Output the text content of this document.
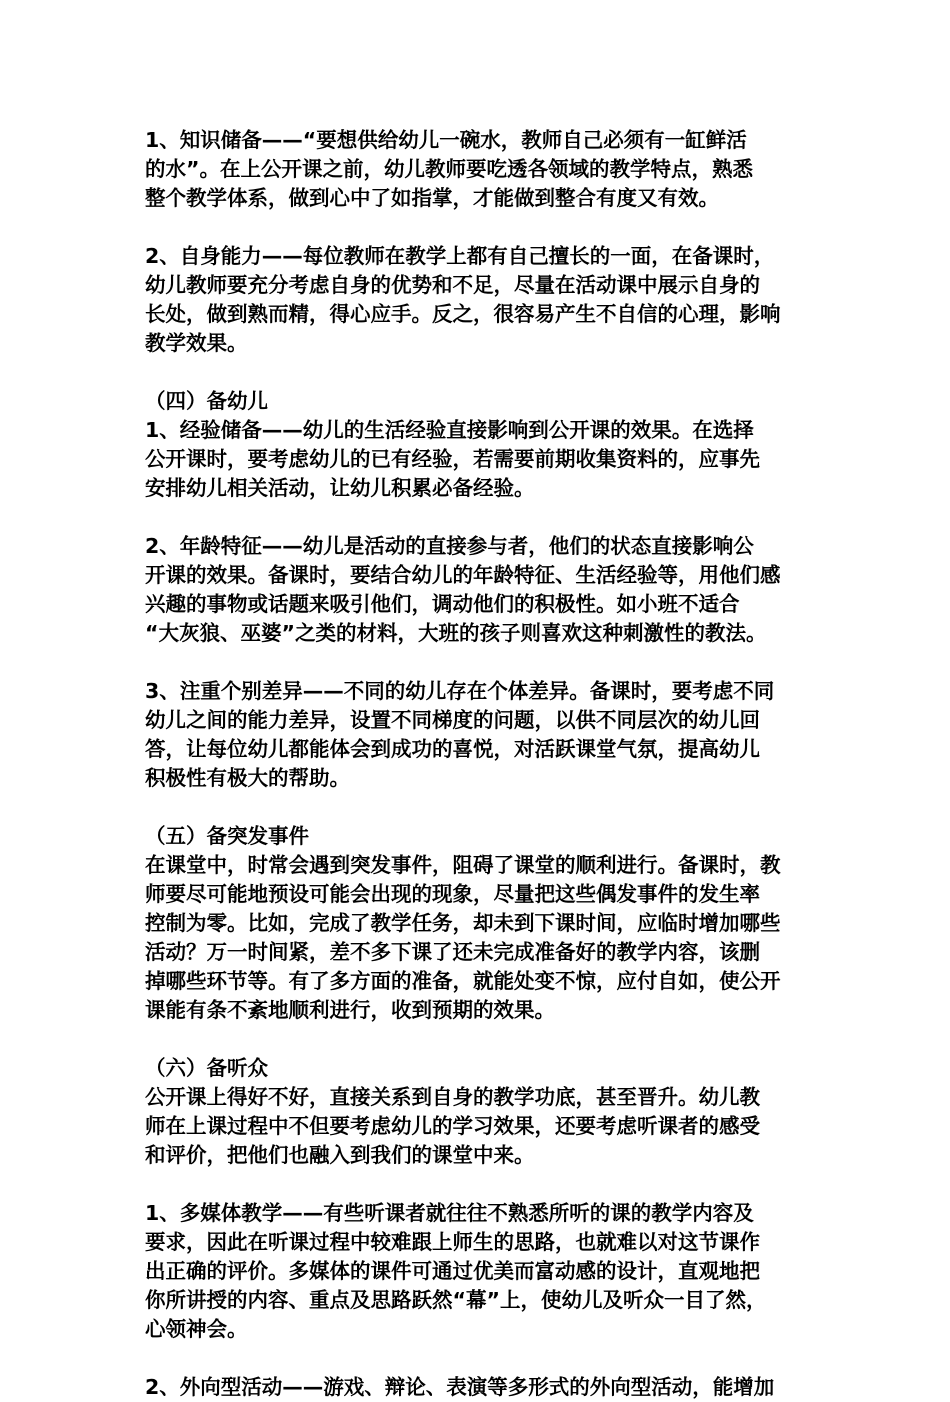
1、知识储备——“要想供给幼儿一碗水，教师自己必须有一缸鲜活
的水”。在上公开课之前，幼儿教师要吃透各领域的教学特点，熟悉
整个教学体系，做到心中了如指掌，才能做到整合有度又有效。
2、自身能力——每位教师在教学上都有自己擅长的一面，在备课时，
幼儿教师要充分考虑自身的优势和不足，尽量在活动课中展示自身的
长处，做到熟而精，得心应手。反之，很容易产生不自信的心理，影响
教学效果。
（四）备幼儿
1、经验储备——幼儿的生活经验直接影响到公开课的效果。在选择
公开课时，要考虑幼儿的已有经验，若需要前期收集资料的，应事先
安排幼儿相关活动，让幼儿积累必备经验。
2、年龄特征——幼儿是活动的直接参与者，他们的状态直接影响公
开课的效果。备课时，要结合幼儿的年龄特征、生活经验等，用他们感
兴趣的事物或话题来吸引他们，调动他们的积极性。如小班不适合
“大灰狼、巫婆”之类的材料，大班的孩子则喜欢这种刺激性的教法。
3、注重个别差异——不同的幼儿存在个体差异。备课时，要考虑不同
幼儿之间的能力差异，设置不同梯度的问题，以供不同层次的幼儿回
答，让每位幼儿都能体会到成功的喜悦，对活跃课堂气氛，提高幼儿
积极性有极大的帮助。
（五）备突发事件
在课堂中，时常会遇到突发事件，阻碍了课堂的顺利进行。备课时，教
师要尽可能地预设可能会出现的现象，尽量把这些偶发事件的发生率
控制为零。比如，完成了教学任务，却未到下课时间，应临时增加哪些
活动？万一时间紧，差不多下课了还未完成准备好的教学内容，该删
掉哪些环节等。有了多方面的准备，就能处变不惊，应付自如，使公开
课能有条不紊地顺利进行，收到预期的效果。
（六）备听众
公开课上得好不好，直接关系到自身的教学功底，甚至晋升。幼儿教
师在上课过程中不但要考虑幼儿的学习效果，还要考虑听课者的感受
和评价，把他们也融入到我们的课堂中来。
1、多媒体教学——有些听课者就往往不熟悉所听的课的教学内容及
要求，因此在听课过程中较难跟上师生的思路，也就难以对这节课作
出正确的评价。多媒体的课件可通过优美而富动感的设计，直观地把
你所讲授的内容、重点及思路跃然“幕”上，使幼儿及听众一目了然，
心领神会。
2、外向型活动——游戏、辩论、表演等多形式的外向型活动，能增加
